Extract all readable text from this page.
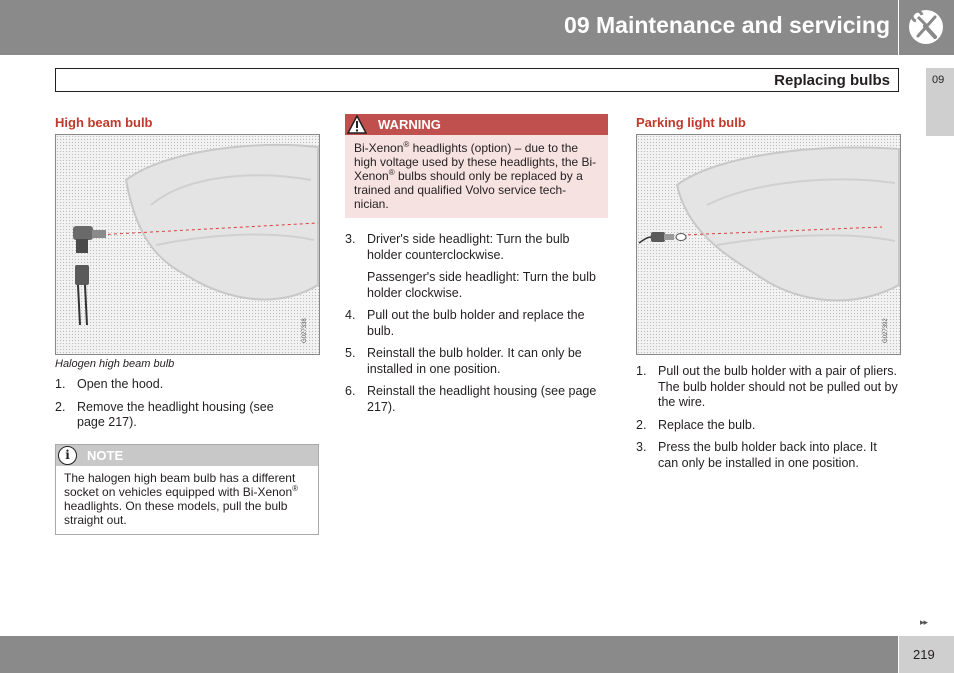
09 Maintenance and servicing
Replacing bulbs	09
High beam bulb
G027338
Halogen high beam bulb
1. Open the hood.
2. Remove the headlight housing (see page 217).
i	NOTE
The halogen high beam bulb has a different socket on vehicles equipped with Bi-Xenon® headlights. On these models, pull the bulb straight out.
WARNING
Bi-Xenon® headlights (option) – due to the high voltage used by these headlights, the Bi-Xenon® bulbs should only be replaced by a trained and qualified Volvo service tech-nician.
3. Driver's side headlight: Turn the bulb holder counterclockwise.
Passenger's side headlight: Turn the bulb holder clockwise.
4. Pull out the bulb holder and replace the bulb.
5. Reinstall the bulb holder. It can only be installed in one position.
6. Reinstall the headlight housing (see page 217).
Parking light bulb
G027392
1. Pull out the bulb holder with a pair of pliers. The bulb holder should not be pulled out by the wire.
2. Replace the bulb.
3. Press the bulb holder back into place. It can only be installed in one position.
▸▸
219
